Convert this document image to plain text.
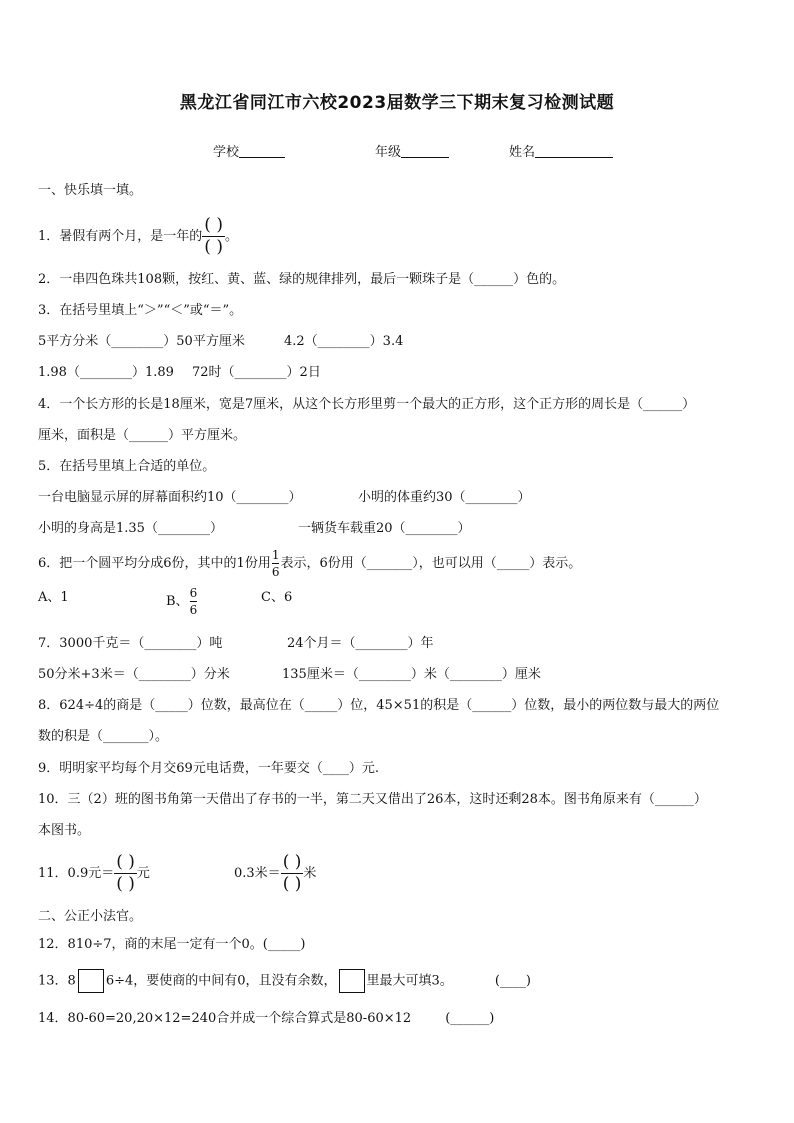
黑龙江省同江市六校2023届数学三下期末复习检测试题
学校	年级	姓名
一、快乐填一填。
1．暑假有两个月，是一年的 $\frac{( )}{( )}$ 。
2．一串四色珠共108颗，按红、黄、蓝、绿的规律排列，最后一颗珠子是（______）色的。
3．在括号里填上“＞”“＜”或“＝”。
5平方分米（________）50平方厘米	4.2（________）3.4
1.98（________）1.89 72时（________）2日
4．一个长方形的长是18厘米，宽是7厘米，从这个长方形里剪一个最大的正方形，这个正方形的周长是（______）
厘米，面积是（______）平方厘米。
5．在括号里填上合适的单位。
一台电脑显示屏的屏幕面积约10（________）	小明的体重约30（________）
小明的身高是1.35（________）	一辆货车载重20（________）
6．把一个圆平均分成6份，其中的1份用 $\frac{1}{6}$ 表示，6份用（_______），也可以用（_____）表示。
A、1	B、 $\frac{6}{6}$	C、6
7．3000千克＝（________）吨	24个月＝（________）年
50分米+3米＝（________）分米	135厘米＝（________）米（________）厘米
8．624÷4的商是（_____）位数，最高位在（_____）位，45×51的积是（______）位数，最小的两位数与最大的两位
数的积是（_______）。
9．明明家平均每个月交69元电话费，一年要交（____）元.
10．三（2）班的图书角第一天借出了存书的一半，第二天又借出了26本，这时还剩28本。图书角原来有（______）
本图书。
11．0.9元＝ $\frac{( )}{( )}$ 元	0.3米＝ $\frac{( )}{( )}$ 米
二、公正小法官。
12．810÷7，商的末尾一定有一个0。(_____)
13．8 6÷4，要使商的中间有0，且没有余数， 里最大可填3。	(____)
14．80-60=20,20×12=240合并成一个综合算式是80-60×12	(______)
